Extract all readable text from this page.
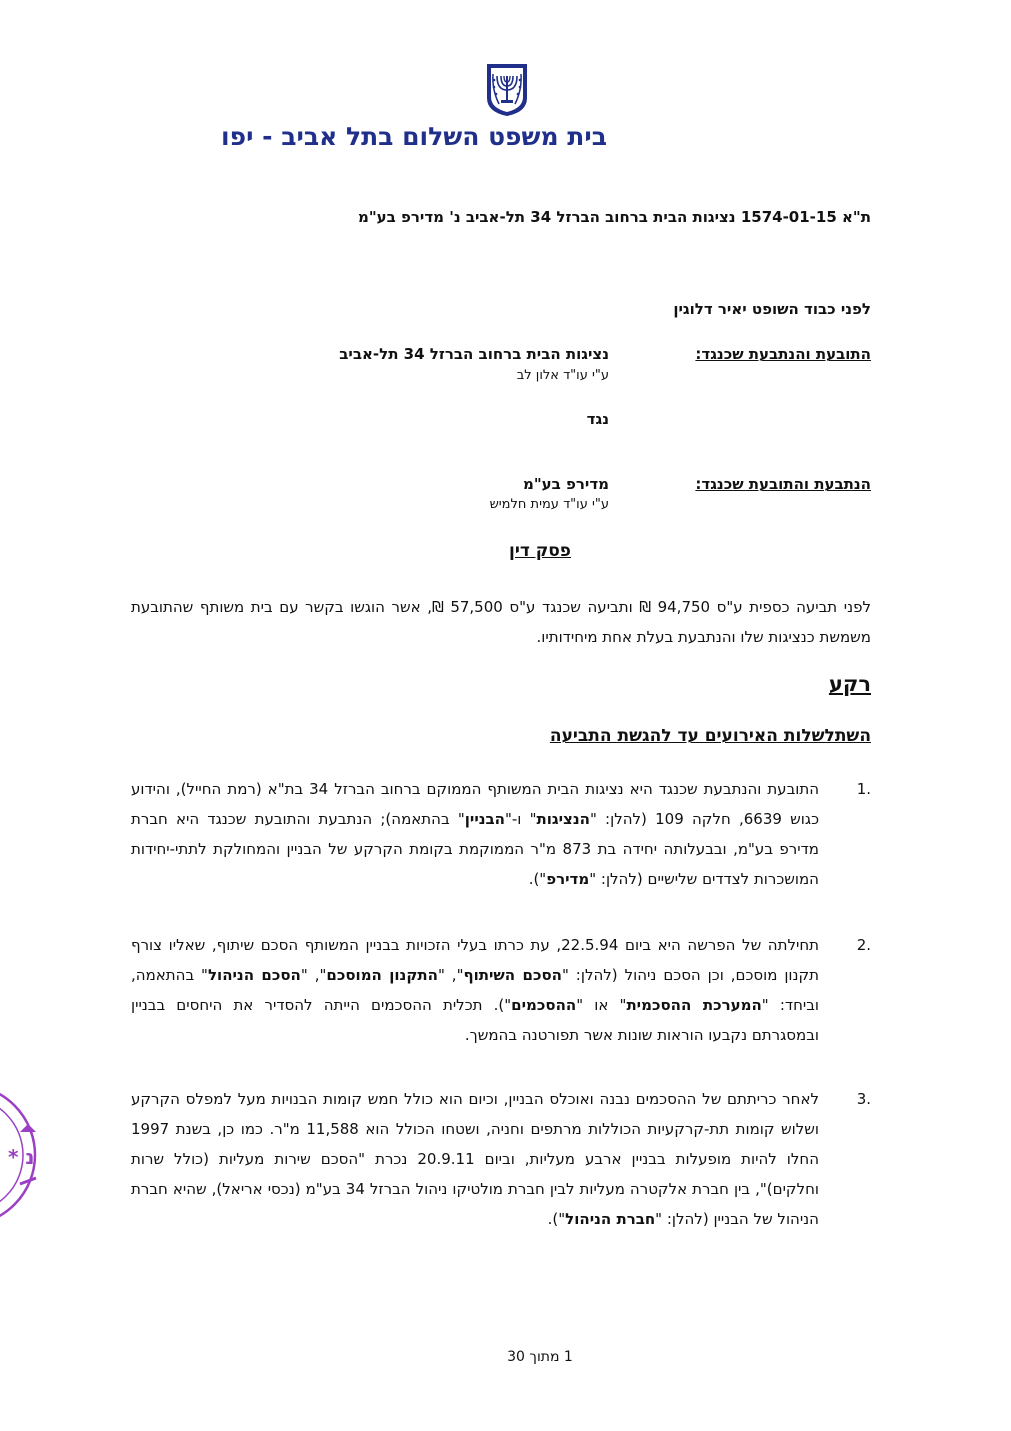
בית משפט השלום בתל אביב - יפו
ת"א 1574-01-15 נציגות הבית ברחוב הברזל 34 תל-אביב נ' מדירפ בע"מ
לפני כבוד השופט יאיר דלוגין
התובעת והנתבעת שכנגד:
נציגות הבית ברחוב הברזל 34 תל-אביב
ע"י עו"ד אלון לב
נגד
הנתבעת והתובעת שכנגד:
מדירפ בע"מ
ע"י עו"ד עמית חלמיש
פסק דין
לפני תביעה כספית ע"ס 94,750 ₪ ותביעה שכנגד ע"ס 57,500 ₪, אשר הוגשו בקשר עם בית משותף שהתובעת משמשת כנציגות שלו והנתבעת בעלת אחת מיחידותיו.
רקע
השתלשלות האירועים עד להגשת התביעה
1.
התובעת והנתבעת שכנגד היא נציגות הבית המשותף הממוקם ברחוב הברזל 34 בת"א (רמת החייל), והידוע כגוש 6639, חלקה 109 (להלן: "הנציגות" ו-"הבניין" בהתאמה); הנתבעת והתובעת שכנגד היא חברת מדירפ בע"מ, ובבעלותה יחידה בת 873 מ"ר הממוקמת בקומת הקרקע של הבניין והמחולקת לתתי-יחידות המושכרות לצדדים שלישיים (להלן: "מדירפ").
2.
תחילתה של הפרשה היא ביום 22.5.94, עת כרתו בעלי הזכויות בבניין המשותף הסכם שיתוף, שאליו צורף תקנון מוסכם, וכן הסכם ניהול (להלן: "הסכם השיתוף", "התקנון המוסכם", "הסכם הניהול" בהתאמה, וביחד: "המערכת ההסכמית" או "ההסכמים"). תכלית ההסכמים הייתה להסדיר את היחסים בבניין ובמסגרתם נקבעו הוראות שונות אשר תפורטנה בהמשך.
3.
לאחר כריתתם של ההסכמים נבנה ואוכלס הבניין, וכיום הוא כולל חמש קומות הבנויות מעל למפלס הקרקע ושלוש קומות תת-קרקעיות הכוללות מרתפים וחניה, ושטחו הכולל הוא 11,588 מ"ר. כמו כן, בשנת 1997 החלו להיות מופעלות בבניין ארבע מעליות, וביום 20.9.11 נכרת "הסכם שירות מעליות (כולל שרות וחלקים)", בין חברת אלקטרה מעליות לבין חברת מולטיקו ניהול הברזל 34 בע"מ (נכסי אריאל), שהיא חברת הניהול של הבניין (להלן: "חברת הניהול").
1 מתוך 30
* נ
